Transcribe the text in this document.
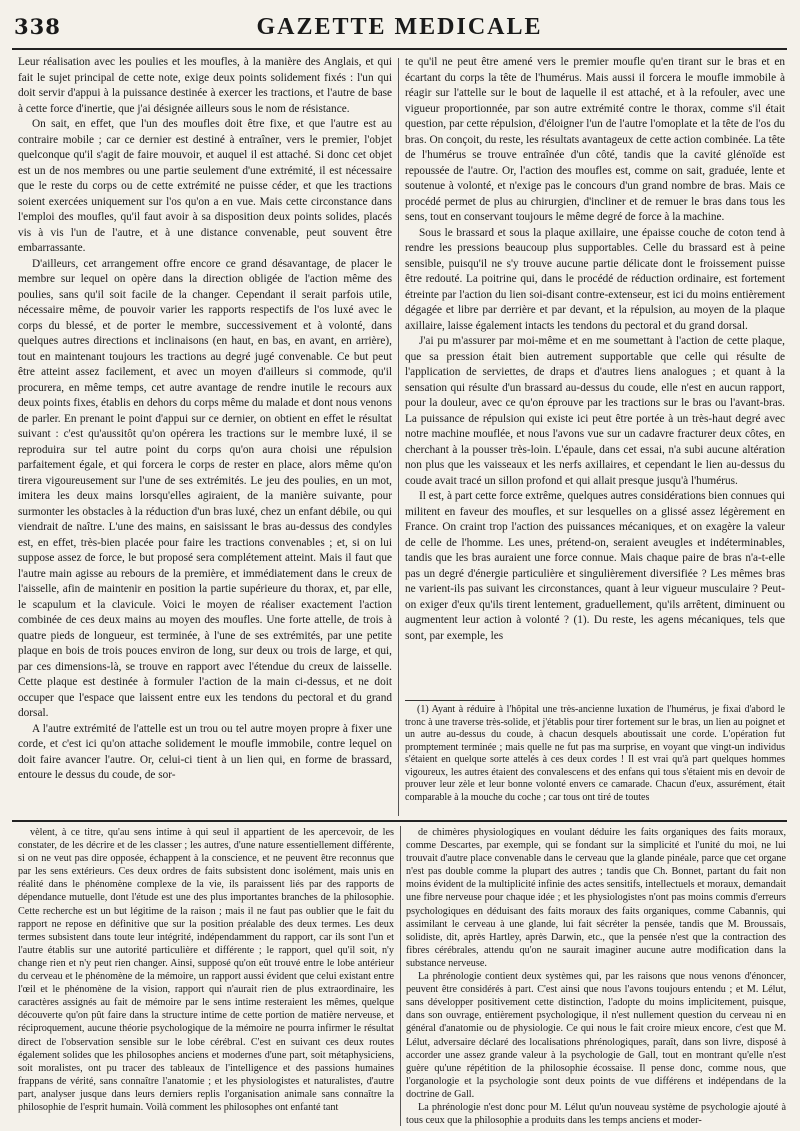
338	GAZETTE MEDICALE

Leur réalisation avec les poulies et les moufles, à la manière des Anglais, et qui fait le sujet principal de cette note, exige deux points solidement fixés : l'un qui doit servir d'appui à la puissance destinée à exercer les tractions, et l'autre de base à cette force d'inertie, que j'ai désignée ailleurs sous le nom de résistance.

On sait, en effet, que l'un des moufles doit être fixe, et que l'autre est au contraire mobile ; car ce dernier est destiné à entraîner, vers le premier, l'objet quelconque qu'il s'agit de faire mouvoir, et auquel il est attaché. Si donc cet objet est un de nos membres ou une partie seulement d'une extrémité, il est nécessaire que le reste du corps ou de cette extrémité ne puisse céder, et que les tractions soient exercées uniquement sur l'os qu'on a en vue. Mais cette circonstance dans l'emploi des moufles, qu'il faut avoir à sa disposition deux points solides, placés vis à vis l'un de l'autre, et à une distance convenable, peut souvent être embarrassante.

D'ailleurs, cet arrangement offre encore ce grand désavantage, de placer le membre sur lequel on opère dans la direction obligée de l'action même des poulies, sans qu'il soit facile de la changer. Cependant il serait parfois utile, nécessaire même, de pouvoir varier les rapports respectifs de l'os luxé avec le corps du blessé, et de porter le membre, successivement et à volonté, dans quelques autres directions et inclinaisons (en haut, en bas, en avant, en arrière), tout en maintenant toujours les tractions au degré jugé convenable. Ce but peut être atteint assez facilement, et avec un moyen d'ailleurs si commode, qu'il procurera, en même temps, cet autre avantage de rendre inutile le recours aux deux points fixes, établis en dehors du corps même du malade et dont nous venons de parler. En prenant le point d'appui sur ce dernier, on obtient en effet le résultat suivant : c'est qu'aussitôt qu'on opérera les tractions sur le membre luxé, il se reproduira sur tel autre point du corps qu'on aura choisi une répulsion parfaitement égale, et qui forcera le corps de rester en place, alors même qu'on tirera vigoureusement sur l'une de ses extrémités. Le jeu des poulies, en un mot, imitera les deux mains lorsqu'elles agiraient, de la manière suivante, pour surmonter les obstacles à la réduction d'un bras luxé, chez un enfant débile, ou qui viendrait de naître. L'une des mains, en saisissant le bras au-dessus des condyles est, en effet, très-bien placée pour faire les tractions convenables ; et, si on lui suppose assez de force, le but proposé sera complétement atteint. Mais il faut que l'autre main agisse au rebours de la première, et immédiatement dans le creux de l'aisselle, afin de maintenir en position la partie supérieure du thorax, et, par elle, le scapulum et la clavicule. Voici le moyen de réaliser exactement l'action combinée de ces deux mains au moyen des moufles. Une forte attelle, de trois à quatre pieds de longueur, est terminée, à l'une de ses extrémités, par une petite plaque en bois de trois pouces environ de long, sur deux ou trois de large, et qui, par ces dimensions-là, se trouve en rapport avec l'étendue du creux de laisselle. Cette plaque est destinée à formuler l'action de la main ci-dessus, et ne doit occuper que l'espace que laissent entre eux les tendons du pectoral et du grand dorsal.

A l'autre extrémité de l'attelle est un trou ou tel autre moyen propre à fixer une corde, et c'est ici qu'on attache solidement le moufle immobile, contre lequel on doit faire avancer l'autre. Or, celui-ci tient à un lien qui, en forme de brassard, entoure le dessus du coude, de sor-

te qu'il ne peut être amené vers le premier moufle qu'en tirant sur le bras et en écartant du corps la tête de l'humérus. Mais aussi il forcera le moufle immobile à réagir sur l'attelle sur le bout de laquelle il est attaché, et à la refouler, avec une vigueur proportionnée, par son autre extrémité contre le thorax, comme s'il était question, par cette répulsion, d'éloigner l'un de l'autre l'omoplate et la tête de l'os du bras. On conçoit, du reste, les résultats avantageux de cette action combinée. La tête de l'humérus se trouve entraînée d'un côté, tandis que la cavité glénoïde est repoussée de l'autre. Or, l'action des moufles est, comme on sait, graduée, lente et soutenue à volonté, et n'exige pas le concours d'un grand nombre de bras. Mais ce procédé permet de plus au chirurgien, d'incliner et de remuer le bras dans tous les sens, tout en conservant toujours le même degré de force à la machine.

Sous le brassard et sous la plaque axillaire, une épaisse couche de coton tend à rendre les pressions beaucoup plus supportables. Celle du brassard est à peine sensible, puisqu'il ne s'y trouve aucune partie délicate dont le froissement puisse être redouté. La poitrine qui, dans le procédé de réduction ordinaire, est fortement étreinte par l'action du lien soi-disant contre-extenseur, est ici du moins entièrement dégagée et libre par derrière et par devant, et la répulsion, au moyen de la plaque axillaire, laisse également intacts les tendons du pectoral et du grand dorsal.

J'ai pu m'assurer par moi-même et en me soumettant à l'action de cette plaque, que sa pression était bien autrement supportable que celle qui résulte de l'application de serviettes, de draps et d'autres liens analogues ; et quant à la sensation qui résulte d'un brassard au-dessus du coude, elle n'est en aucun rapport, pour la douleur, avec ce qu'on éprouve par les tractions sur le bras ou l'avant-bras. La puissance de répulsion qui existe ici peut être portée à un très-haut degré avec notre machine mouflée, et nous l'avons vue sur un cadavre fracturer deux côtes, en cherchant à la pousser très-loin. L'épaule, dans cet essai, n'a subi aucune altération non plus que les vaisseaux et les nerfs axillaires, et cependant le lien au-dessus du coude avait tracé un sillon profond et qui allait presque jusqu'à l'humérus.

Il est, à part cette force extrême, quelques autres considérations bien connues qui militent en faveur des moufles, et sur lesquelles on a glissé assez légèrement en France. On craint trop l'action des puissances mécaniques, et on exagère la valeur de celle de l'homme. Les unes, prétend-on, seraient aveugles et indéterminables, tandis que les bras auraient une force connue. Mais chaque paire de bras n'a-t-elle pas un degré d'énergie particulière et singulièrement diversifiée ? Les mêmes bras ne varient-ils pas suivant les circonstances, quant à leur vigueur musculaire ? Peut-on exiger d'eux qu'ils tirent lentement, graduellement, qu'ils arrêtent, diminuent ou augmentent leur action à volonté ? (1). Du reste, les agens mécaniques, tels que sont, par exemple, les

(1) Ayant à réduire à l'hôpital une très-ancienne luxation de l'humérus, je fixai d'abord le tronc à une traverse très-solide, et j'établis pour tirer fortement sur le bras, un lien au poignet et un autre au-dessus du coude, à chacun desquels aboutissait une corde. L'opération fut promptement terminée ; mais quelle ne fut pas ma surprise, en voyant que vingt-un individus s'étaient en quelque sorte attelés à ces deux cordes ! Il est vrai qu'à part quelques hommes vigoureux, les autres étaient des convalescens et des enfans qui tous s'étaient mis en devoir de prouver leur zèle et leur bonne volonté envers ce camarade. Chacun d'eux, assurément, était comparable à la mouche du coche ; car tous ont tiré de toutes

vèlent, à ce titre, qu'au sens intime à qui seul il appartient de les apercevoir, de les constater, de les décrire et de les classer ; les autres, d'une nature essentiellement différente, si on ne veut pas dire opposée, échappent à la conscience, et ne peuvent être reconnus que par les sens extérieurs. Ces deux ordres de faits subsistent donc isolément, mais unis en réalité dans le phénomène complexe de la vie, ils paraissent liés par des rapports de dépendance mutuelle, dont l'étude est une des plus importantes branches de la philosophie. Cette recherche est un but légitime de la raison ; mais il ne faut pas oublier que le fait du rapport ne repose en définitive que sur la position préalable des deux termes. Les deux termes subsistent dans toute leur intégrité, indépendamment du rapport, car ils sont l'un et l'autre établis sur une autorité particulière et différente ; le rapport, quel qu'il soit, n'y change rien et n'y peut rien changer. Ainsi, supposé qu'on eût trouvé entre le lobe antérieur du cerveau et le phénomène de la mémoire, un rapport aussi évident que celui existant entre l'œil et le phénomène de la vision, rapport qui n'aurait rien de plus extraordinaire, les caractères assignés au fait de mémoire par le sens intime resteraient les mêmes, quelque découverte qu'on pût faire dans la structure intime de cette portion de matière nerveuse, et réciproquement, aucune théorie psychologique de la mémoire ne pourra infirmer le résultat direct de l'observation sensible sur le lobe cérébral. C'est en suivant ces deux routes également solides que les philosophes anciens et modernes d'une part, soit métaphysiciens, soit moralistes, ont pu tracer des tableaux de l'intelligence et des passions humaines frappans de vérité, sans connaître l'anatomie ; et les physiologistes et naturalistes, d'autre part, analyser jusque dans leurs derniers replis l'organisation animale sans connaître la philosophie de l'esprit humain. Voilà comment les philosophes ont enfanté tant

de chimères physiologiques en voulant déduire les faits organiques des faits moraux, comme Descartes, par exemple, qui se fondant sur la simplicité et l'unité du moi, ne lui trouvait d'autre place convenable dans le cerveau que la glande pinéale, parce que cet organe n'est pas double comme la plupart des autres ; tandis que Ch. Bonnet, partant du fait non moins évident de la multiplicité infinie des actes sensitifs, intellectuels et moraux, demandait une fibre nerveuse pour chaque idée ; et les physiologistes n'ont pas moins commis d'erreurs psychologiques en déduisant des faits moraux des faits organiques, comme Cabannis, qui assimilant le cerveau à une glande, lui fait sécréter la pensée, tandis que M. Broussais, solidiste, dit, après Hartley, après Darwin, etc., que la pensée n'est que la contraction des fibres cérébrales, attendu qu'on ne saurait imaginer aucune autre modification dans la substance nerveuse.

La phrénologie contient deux systèmes qui, par les raisons que nous venons d'énoncer, peuvent être considérés à part. C'est ainsi que nous l'avons toujours entendu ; et M. Lélut, sans développer positivement cette distinction, l'adopte du moins implicitement, puisque, dans son ouvrage, entièrement psychologique, il n'est nullement question du cerveau ni en général d'anatomie ou de physiologie. Ce qui nous le fait croire mieux encore, c'est que M. Lélut, adversaire déclaré des localisations phrénologiques, paraît, dans son livre, disposé à accorder une assez grande valeur à la psychologie de Gall, tout en montrant qu'elle n'est guère qu'une répétition de la philosophie écossaise. Il pense donc, comme nous, que l'organologie et la psychologie sont deux points de vue différens et indépendans de la doctrine de Gall.

La phrénologie n'est donc pour M. Lélut qu'un nouveau système de psychologie ajouté à tous ceux que la philosophie a produits dans les temps anciens et moder-
